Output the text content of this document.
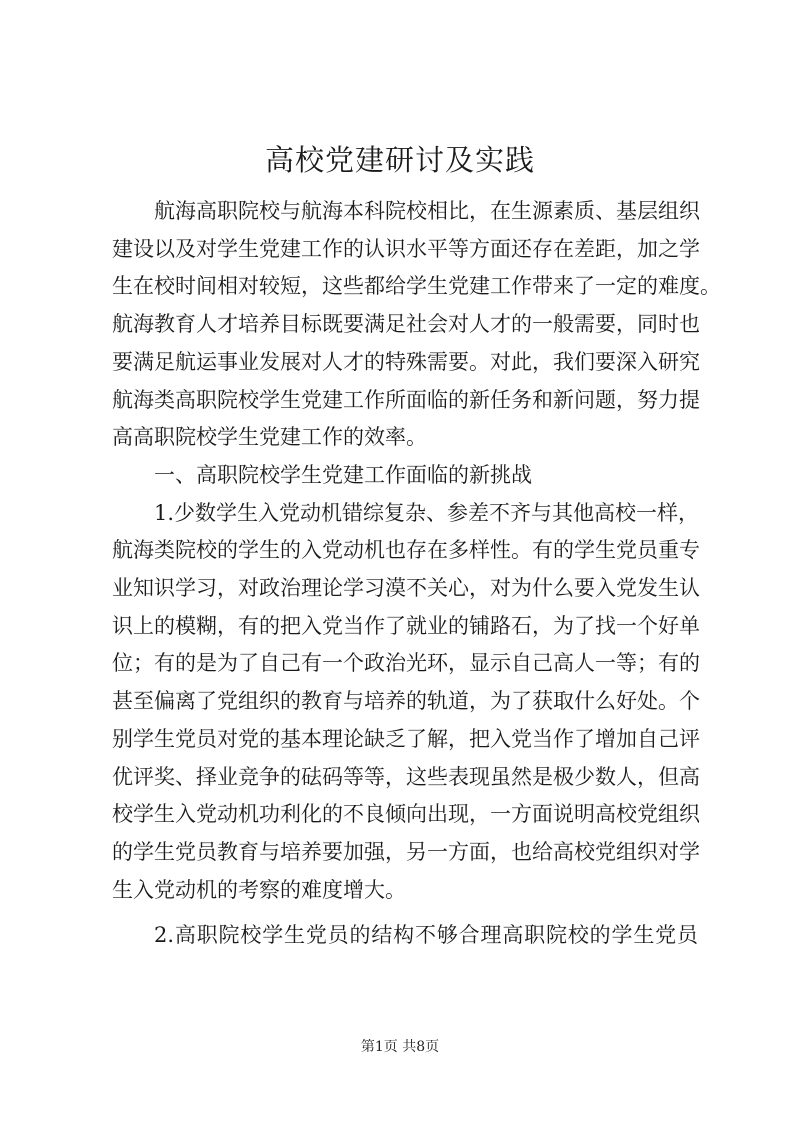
高校党建研讨及实践
航海高职院校与航海本科院校相比，在生源素质、基层组织
建设以及对学生党建工作的认识水平等方面还存在差距，加之学
生在校时间相对较短，这些都给学生党建工作带来了一定的难度。
航海教育人才培养目标既要满足社会对人才的一般需要，同时也
要满足航运事业发展对人才的特殊需要。对此，我们要深入研究
航海类高职院校学生党建工作所面临的新任务和新问题，努力提
高高职院校学生党建工作的效率。
一、高职院校学生党建工作面临的新挑战
1.少数学生入党动机错综复杂、参差不齐与其他高校一样，
航海类院校的学生的入党动机也存在多样性。有的学生党员重专
业知识学习，对政治理论学习漠不关心，对为什么要入党发生认
识上的模糊，有的把入党当作了就业的铺路石，为了找一个好单
位；有的是为了自己有一个政治光环，显示自己高人一等；有的
甚至偏离了党组织的教育与培养的轨道，为了获取什么好处。个
别学生党员对党的基本理论缺乏了解，把入党当作了增加自己评
优评奖、择业竞争的砝码等等，这些表现虽然是极少数人，但高
校学生入党动机功利化的不良倾向出现，一方面说明高校党组织
的学生党员教育与培养要加强，另一方面，也给高校党组织对学
生入党动机的考察的难度增大。
2.高职院校学生党员的结构不够合理高职院校的学生党员
第1页 共8页
